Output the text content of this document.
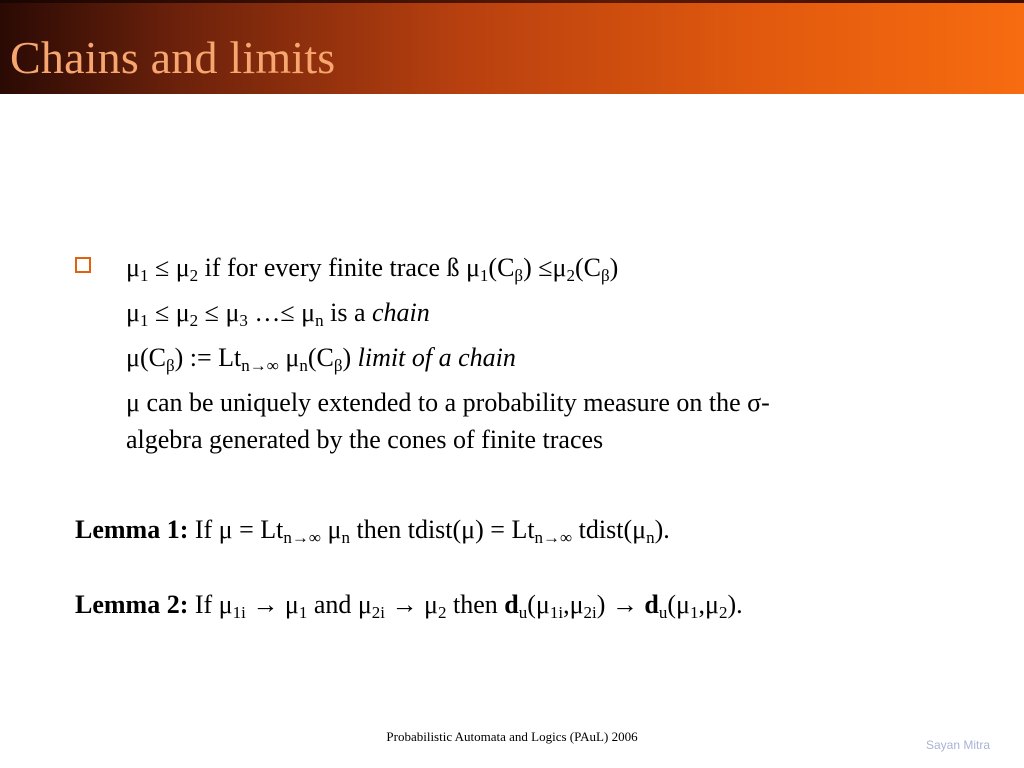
Chains and limits
$\mu_1 \le \mu_2$ if for every finite trace ß $\mu_1(C_\beta) \le\mu_2(C_\beta)$
$\mu_1 \le \mu_2 \le \mu_3$ …≤ $\mu_n$ is a chain
$\mu(C_\beta)$ := $Lt_{n\to\infty}$ $\mu_n(C_\beta)$ limit of a chain
μ can be uniquely extended to a probability measure on the σ-
algebra generated by the cones of finite traces
Lemma 1: If $\mu = Lt_{n\to\infty}$ $\mu_n$ then tdist(μ) = $Lt_{n\to\infty}$ $tdist(\mu_n)$.
Lemma 2: If $\mu_{1i} \to \mu_1$ and $\mu_{2i} \to \mu_2$ then $d_u(\mu_{1i},\mu_{2i}) \to d_u(\mu_1,\mu_2)$.
Probabilistic Automata and Logics (PAuL) 2006
Sayan Mitra
